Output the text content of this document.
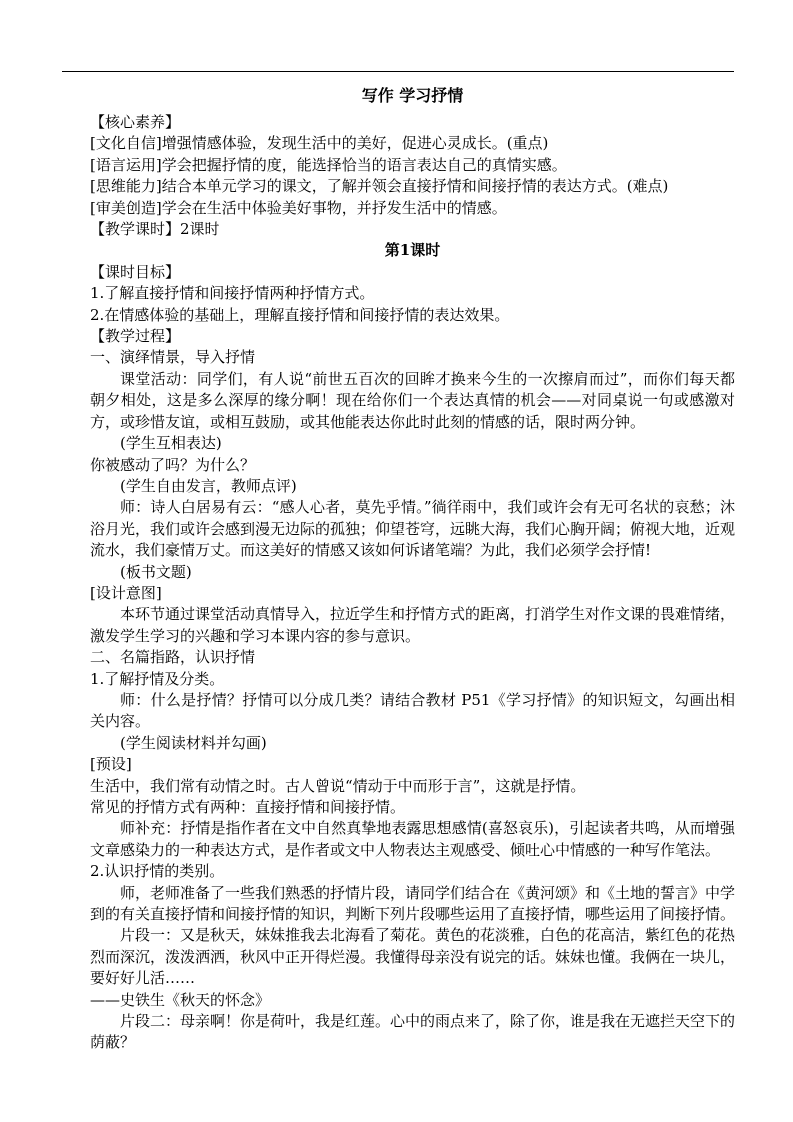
写作 学习抒情
【核心素养】
[文化自信]增强情感体验，发现生活中的美好，促进心灵成长。(重点)
[语言运用]学会把握抒情的度，能选择恰当的语言表达自己的真情实感。
[思维能力]结合本单元学习的课文，了解并领会直接抒情和间接抒情的表达方式。(难点)
[审美创造]学会在生活中体验美好事物，并抒发生活中的情感。
【教学课时】2课时
第1课时
【课时目标】
1.了解直接抒情和间接抒情两种抒情方式。
2.在情感体验的基础上，理解直接抒情和间接抒情的表达效果。
【教学过程】
一、演绎情景，导入抒情
课堂活动：同学们，有人说“前世五百次的回眸才换来今生的一次擦肩而过”，而你们每天都朝夕相处，这是多么深厚的缘分啊！现在给你们一个表达真情的机会——对同桌说一句或感激对方，或珍惜友谊，或相互鼓励，或其他能表达你此时此刻的情感的话，限时两分钟。
(学生互相表达)
你被感动了吗？为什么？
(学生自由发言，教师点评)
师：诗人白居易有云：“感人心者，莫先乎情。”徜徉雨中，我们或许会有无可名状的哀愁；沐浴月光，我们或许会感到漫无边际的孤独；仰望苍穹，远眺大海，我们心胸开阔；俯视大地，近观流水，我们豪情万丈。而这美好的情感又该如何诉诸笔端？为此，我们必须学会抒情!
(板书文题)
[设计意图]
本环节通过课堂活动真情导入，拉近学生和抒情方式的距离，打消学生对作文课的畏难情绪，激发学生学习的兴趣和学习本课内容的参与意识。
二、名篇指路，认识抒情
1.了解抒情及分类。
师：什么是抒情？抒情可以分成几类？请结合教材 P51《学习抒情》的知识短文，勾画出相关内容。
(学生阅读材料并勾画)
[预设]
生活中，我们常有动情之时。古人曾说“情动于中而形于言”，这就是抒情。
常见的抒情方式有两种：直接抒情和间接抒情。
师补充：抒情是指作者在文中自然真挚地表露思想感情(喜怒哀乐)，引起读者共鸣，从而增强文章感染力的一种表达方式，是作者或文中人物表达主观感受、倾吐心中情感的一种写作笔法。
2.认识抒情的类别。
师，老师准备了一些我们熟悉的抒情片段，请同学们结合在《黄河颂》和《土地的誓言》中学到的有关直接抒情和间接抒情的知识，判断下列片段哪些运用了直接抒情，哪些运用了间接抒情。
片段一：又是秋天，妹妹推我去北海看了菊花。黄色的花淡雅，白色的花高洁，紫红色的花热烈而深沉，泼泼洒洒，秋风中正开得烂漫。我懂得母亲没有说完的话。妹妹也懂。我俩在一块儿，要好好儿活……
——史铁生《秋天的怀念》
片段二：母亲啊！你是荷叶，我是红莲。心中的雨点来了，除了你，谁是我在无遮拦天空下的荫蔽？
